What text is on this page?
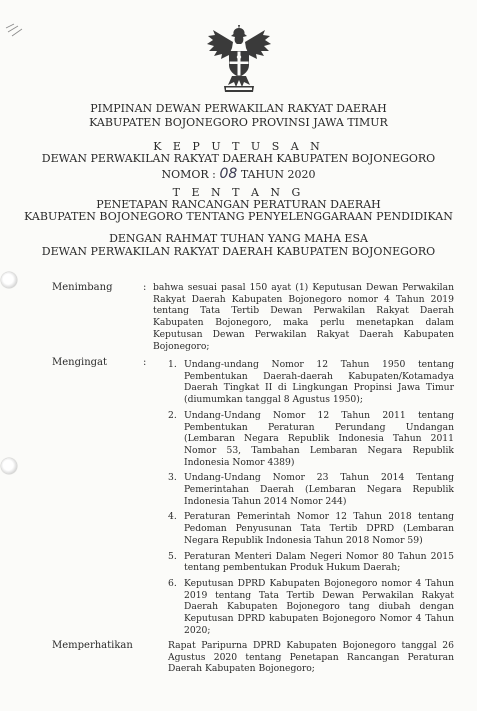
PIMPINAN DEWAN PERWAKILAN RAKYAT DAERAH
KABUPATEN BOJONEGORO PROVINSI JAWA TIMUR
K E P U T U S A N
DEWAN PERWAKILAN RAKYAT DAERAH KABUPATEN BOJONEGORO
NOMOR : 08 TAHUN 2020
T E N T A N G
PENETAPAN RANCANGAN PERATURAN DAERAH
KABUPATEN BOJONEGORO TENTANG PENYELENGGARAAN PENDIDIKAN
DENGAN RAHMAT TUHAN YANG MAHA ESA
DEWAN PERWAKILAN RAKYAT DAERAH KABUPATEN BOJONEGORO
Menimbang	: bahwa sesuai pasal 150 ayat (1) Keputusan Dewan Perwakilan Rakyat Daerah Kabupaten Bojonegoro nomor 4 Tahun 2019 tentang Tata Tertib Dewan Perwakilan Rakyat Daerah Kabupaten Bojonegoro, maka perlu menetapkan dalam Keputusan Dewan Perwakilan Rakyat Daerah Kabupaten Bojonegoro;
Mengingat	: 1. Undang-undang Nomor 12 Tahun 1950 tentang Pembentukan Daerah-daerah Kabupaten/Kotamadya Daerah Tingkat II di Lingkungan Propinsi Jawa Timur (diumumkan tanggal 8 Agustus 1950);
2. Undang-Undang Nomor 12 Tahun 2011 tentang Pembentukan Peraturan Perundang Undangan (Lembaran Negara Republik Indonesia Tahun 2011 Nomor 53, Tambahan Lembaran Negara Republik Indonesia Nomor 4389)
3. Undang-Undang Nomor 23 Tahun 2014 Tentang Pemerintahan Daerah (Lembaran Negara Republik Indonesia Tahun 2014 Nomor 244)
4. Peraturan Pemerintah Nomor 12 Tahun 2018 tentang Pedoman Penyusunan Tata Tertib DPRD (Lembaran Negara Republik Indonesia Tahun 2018 Nomor 59)
5. Peraturan Menteri Dalam Negeri Nomor 80 Tahun 2015 tentang pembentukan Produk Hukum Daerah;
6. Keputusan DPRD Kabupaten Bojonegoro nomor 4 Tahun 2019 tentang Tata Tertib Dewan Perwakilan Rakyat Daerah Kabupaten Bojonegoro tang diubah dengan Keputusan DPRD kabupaten Bojonegoro Nomor 4 Tahun 2020;
Memperhatikan	Rapat Paripurna DPRD Kabupaten Bojonegoro tanggal 26 Agustus 2020 tentang Penetapan Rancangan Peraturan Daerah Kabupaten Bojonegoro;
